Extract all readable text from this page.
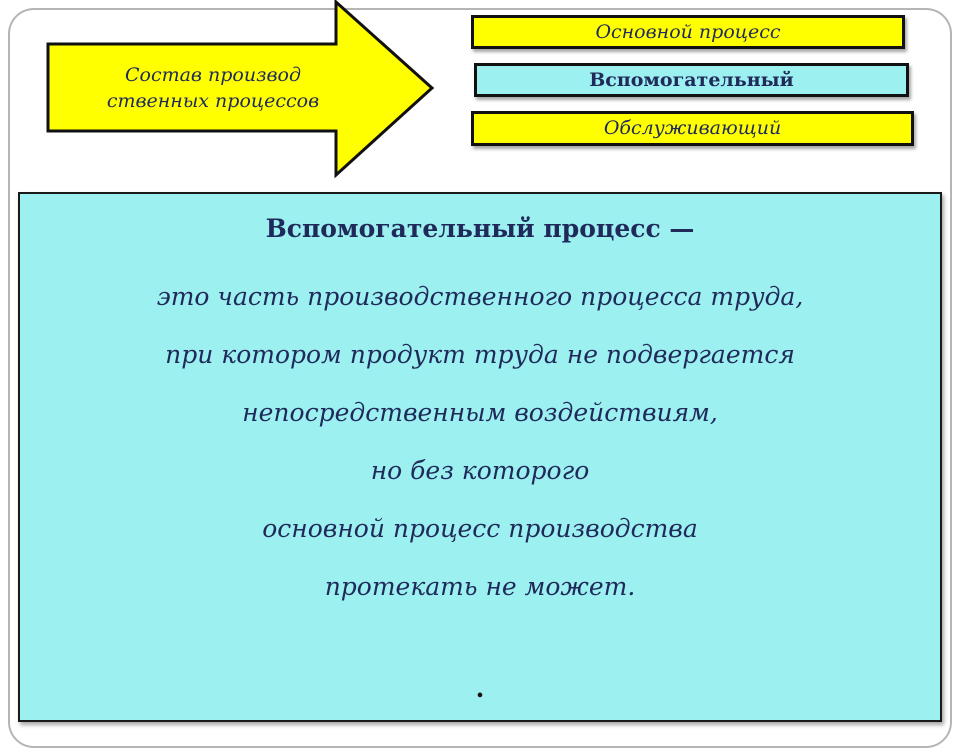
Состав производ
ственных процессов
Основной процесс
Вспомогательный
Обслуживающий
Вспомогательный процесс —
это часть производственного процесса труда,
при котором продукт труда не подвергается
непосредственным воздействиям,
но без которого
основной процесс производства
протекать не может.
.
